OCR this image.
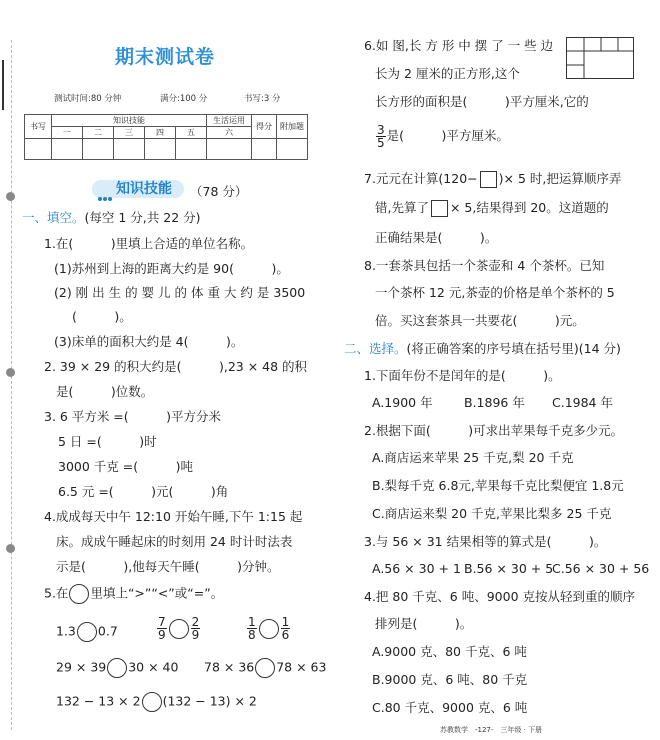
期末测试卷
测试时间:80 分钟	满分:100 分	书写:3 分
书写	知识技能					生活运用	得分	附加题
	一	二	三	四	五	六		

知识技能 （78 分）
一、填空。(每空 1 分,共 22 分)
1.在(　　　)里填上合适的单位名称。
(1)苏州到上海的距离大约是 90(　　　)。
(2) 刚 出 生 的 婴 儿 的 体 重 大 约 是 3500
(　　　)。
(3)床单的面积大约是 4(　　　)。
2. 39 × 29 的积大约是(　　　),23 × 48 的积
是(　　　)位数。
3. 6 平方米 =(　　　)平方分米
5 日 =(　　　)时
3000 千克 =(　　　)吨
6.5 元 =(　　　)元(　　　)角
4.成成每天中午 12:10 开始午睡,下午 1:15 起
床。成成午睡起床的时刻用 24 时计时法表
示是(　　　),他每天午睡(　　　)分钟。
5.在 里填上“>”“<”或“=”。
1.3 0.7	$\frac{7}{9} \frac{2}{9}$	$\frac{1}{8} \frac{1}{6}$
29 × 39 30 × 40 78 × 36 78 × 63
132 − 13 × 2 (132 − 13) × 2
6.如 图,长 方 形 中 摆 了 一 些 边
长为 2 厘米的正方形,这个
长方形的面积是(　　　)平方厘米,它的
$\frac{3}{5}$ 是(　　　)平方厘米。
7.元元在计算(120− )× 5 时,把运算顺序弄
错,先算了 × 5,结果得到 20。这道题的
正确结果是(　　　)。
8.一套茶具包括一个茶壶和 4 个茶杯。已知
一个茶杯 12 元,茶壶的价格是单个茶杯的 5
倍。买这套茶具一共要花(　　　)元。
二、选择。(将正确答案的序号填在括号里)(14 分)
1.下面年份不是闰年的是(　　　)。
A.1900 年	B.1896 年 C.1984 年
2.根据下面(　　　)可求出苹果每千克多少元。
A.商店运来苹果 25 千克,梨 20 千克
B.梨每千克 6.8元,苹果每千克比梨便宜 1.8元
C.商店运来梨 20 千克,苹果比梨多 25 千克
3.与 56 × 31 结果相等的算式是(　　　)。
A.56 × 30 + 1 B.56 × 30 + 5
C.56 × 30 + 56
4.把 80 千克、6 吨、9000 克按从轻到重的顺序
排列是(　　　)。
A.9000 克、80 千克、6 吨
B.9000 克、6 吨、80 千克
C.80 千克、9000 克、6 吨
苏教数学　-127-　三年级 · 下册
